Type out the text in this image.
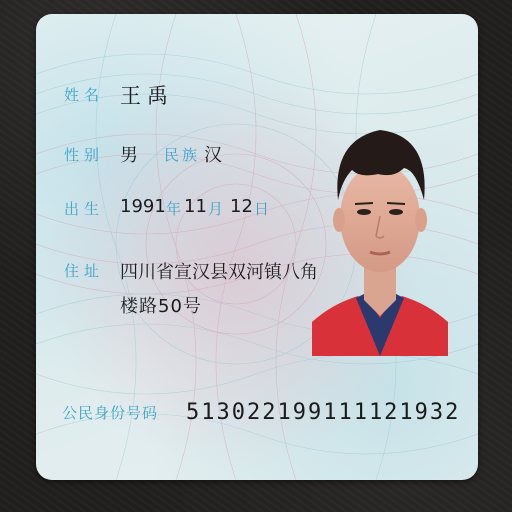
姓名 王禹
性别 男 民族 汉
出生 1991 年 11 月 12 日
住址 四川省宣汉县双河镇八角
楼路50号
公民身份号码 513022199111121932
